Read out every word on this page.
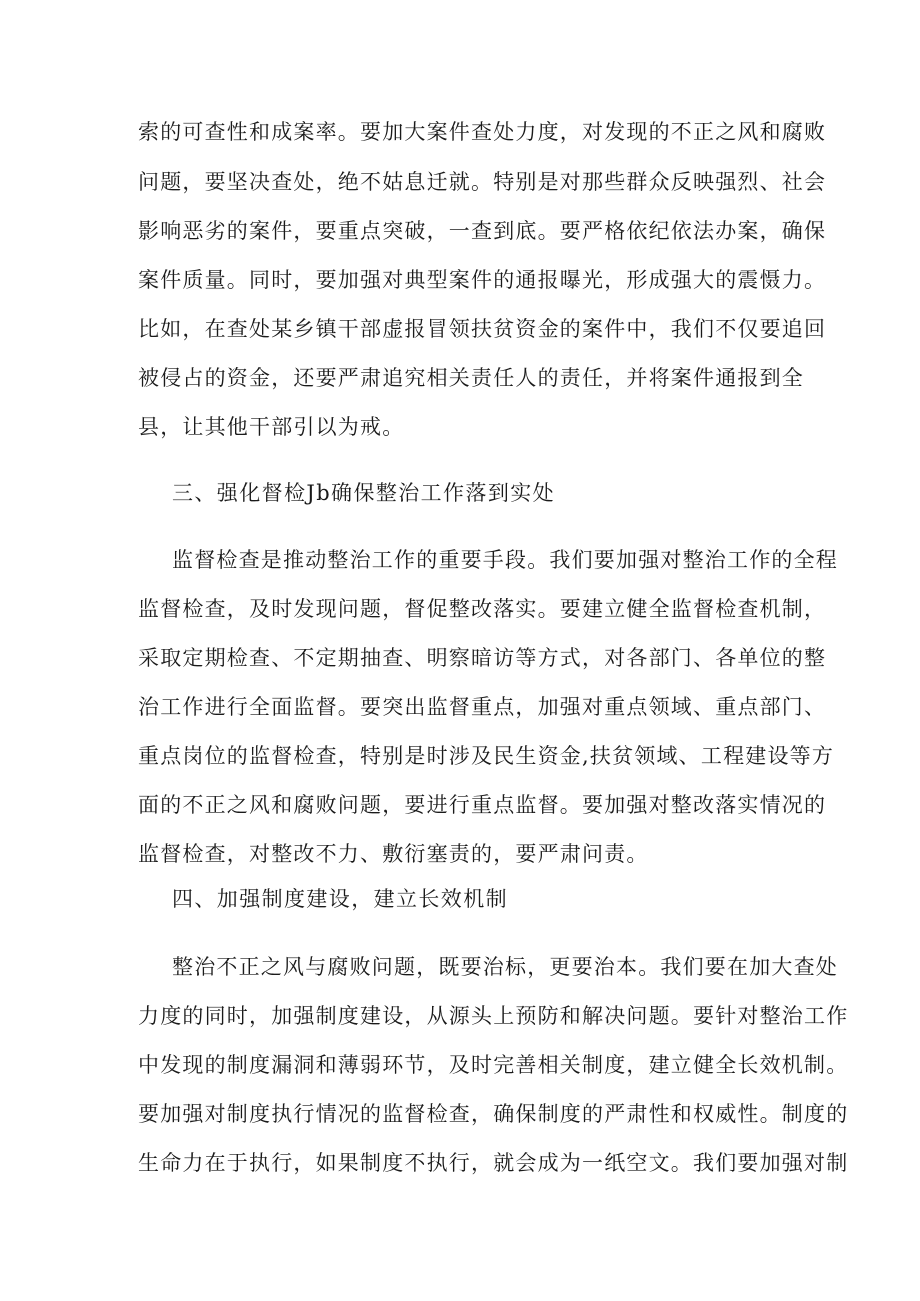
索的可查性和成案率。要加大案件查处力度，对发现的不正之风和腐败
问题，要坚决查处，绝不姑息迁就。特别是对那些群众反映强烈、社会
影响恶劣的案件，要重点突破，一查到底。要严格依纪依法办案，确保
案件质量。同时，要加强对典型案件的通报曝光，形成强大的震慑力。
比如，在查处某乡镇干部虚报冒领扶贫资金的案件中，我们不仅要追回
被侵占的资金，还要严肃追究相关责任人的责任，并将案件通报到全
县，让其他干部引以为戒。
三、强化督检Jb确保整治工作落到实处
监督检查是推动整治工作的重要手段。我们要加强对整治工作的全程
监督检查，及时发现问题，督促整改落实。要建立健全监督检查机制，
采取定期检查、不定期抽查、明察暗访等方式，对各部门、各单位的整
治工作进行全面监督。要突出监督重点，加强对重点领域、重点部门、
重点岗位的监督检查，特别是时涉及民生资金,扶贫领域、工程建设等方
面的不正之风和腐败问题，要进行重点监督。要加强对整改落实情况的
监督检查，对整改不力、敷衍塞责的，要严肃问责。
四、加强制度建设，建立长效机制
整治不正之风与腐败问题，既要治标，更要治本。我们要在加大查处
力度的同时，加强制度建设，从源头上预防和解决问题。要针对整治工作
中发现的制度漏洞和薄弱环节，及时完善相关制度，建立健全长效机制。
要加强对制度执行情况的监督检查，确保制度的严肃性和权威性。制度的
生命力在于执行，如果制度不执行，就会成为一纸空文。我们要加强对制
